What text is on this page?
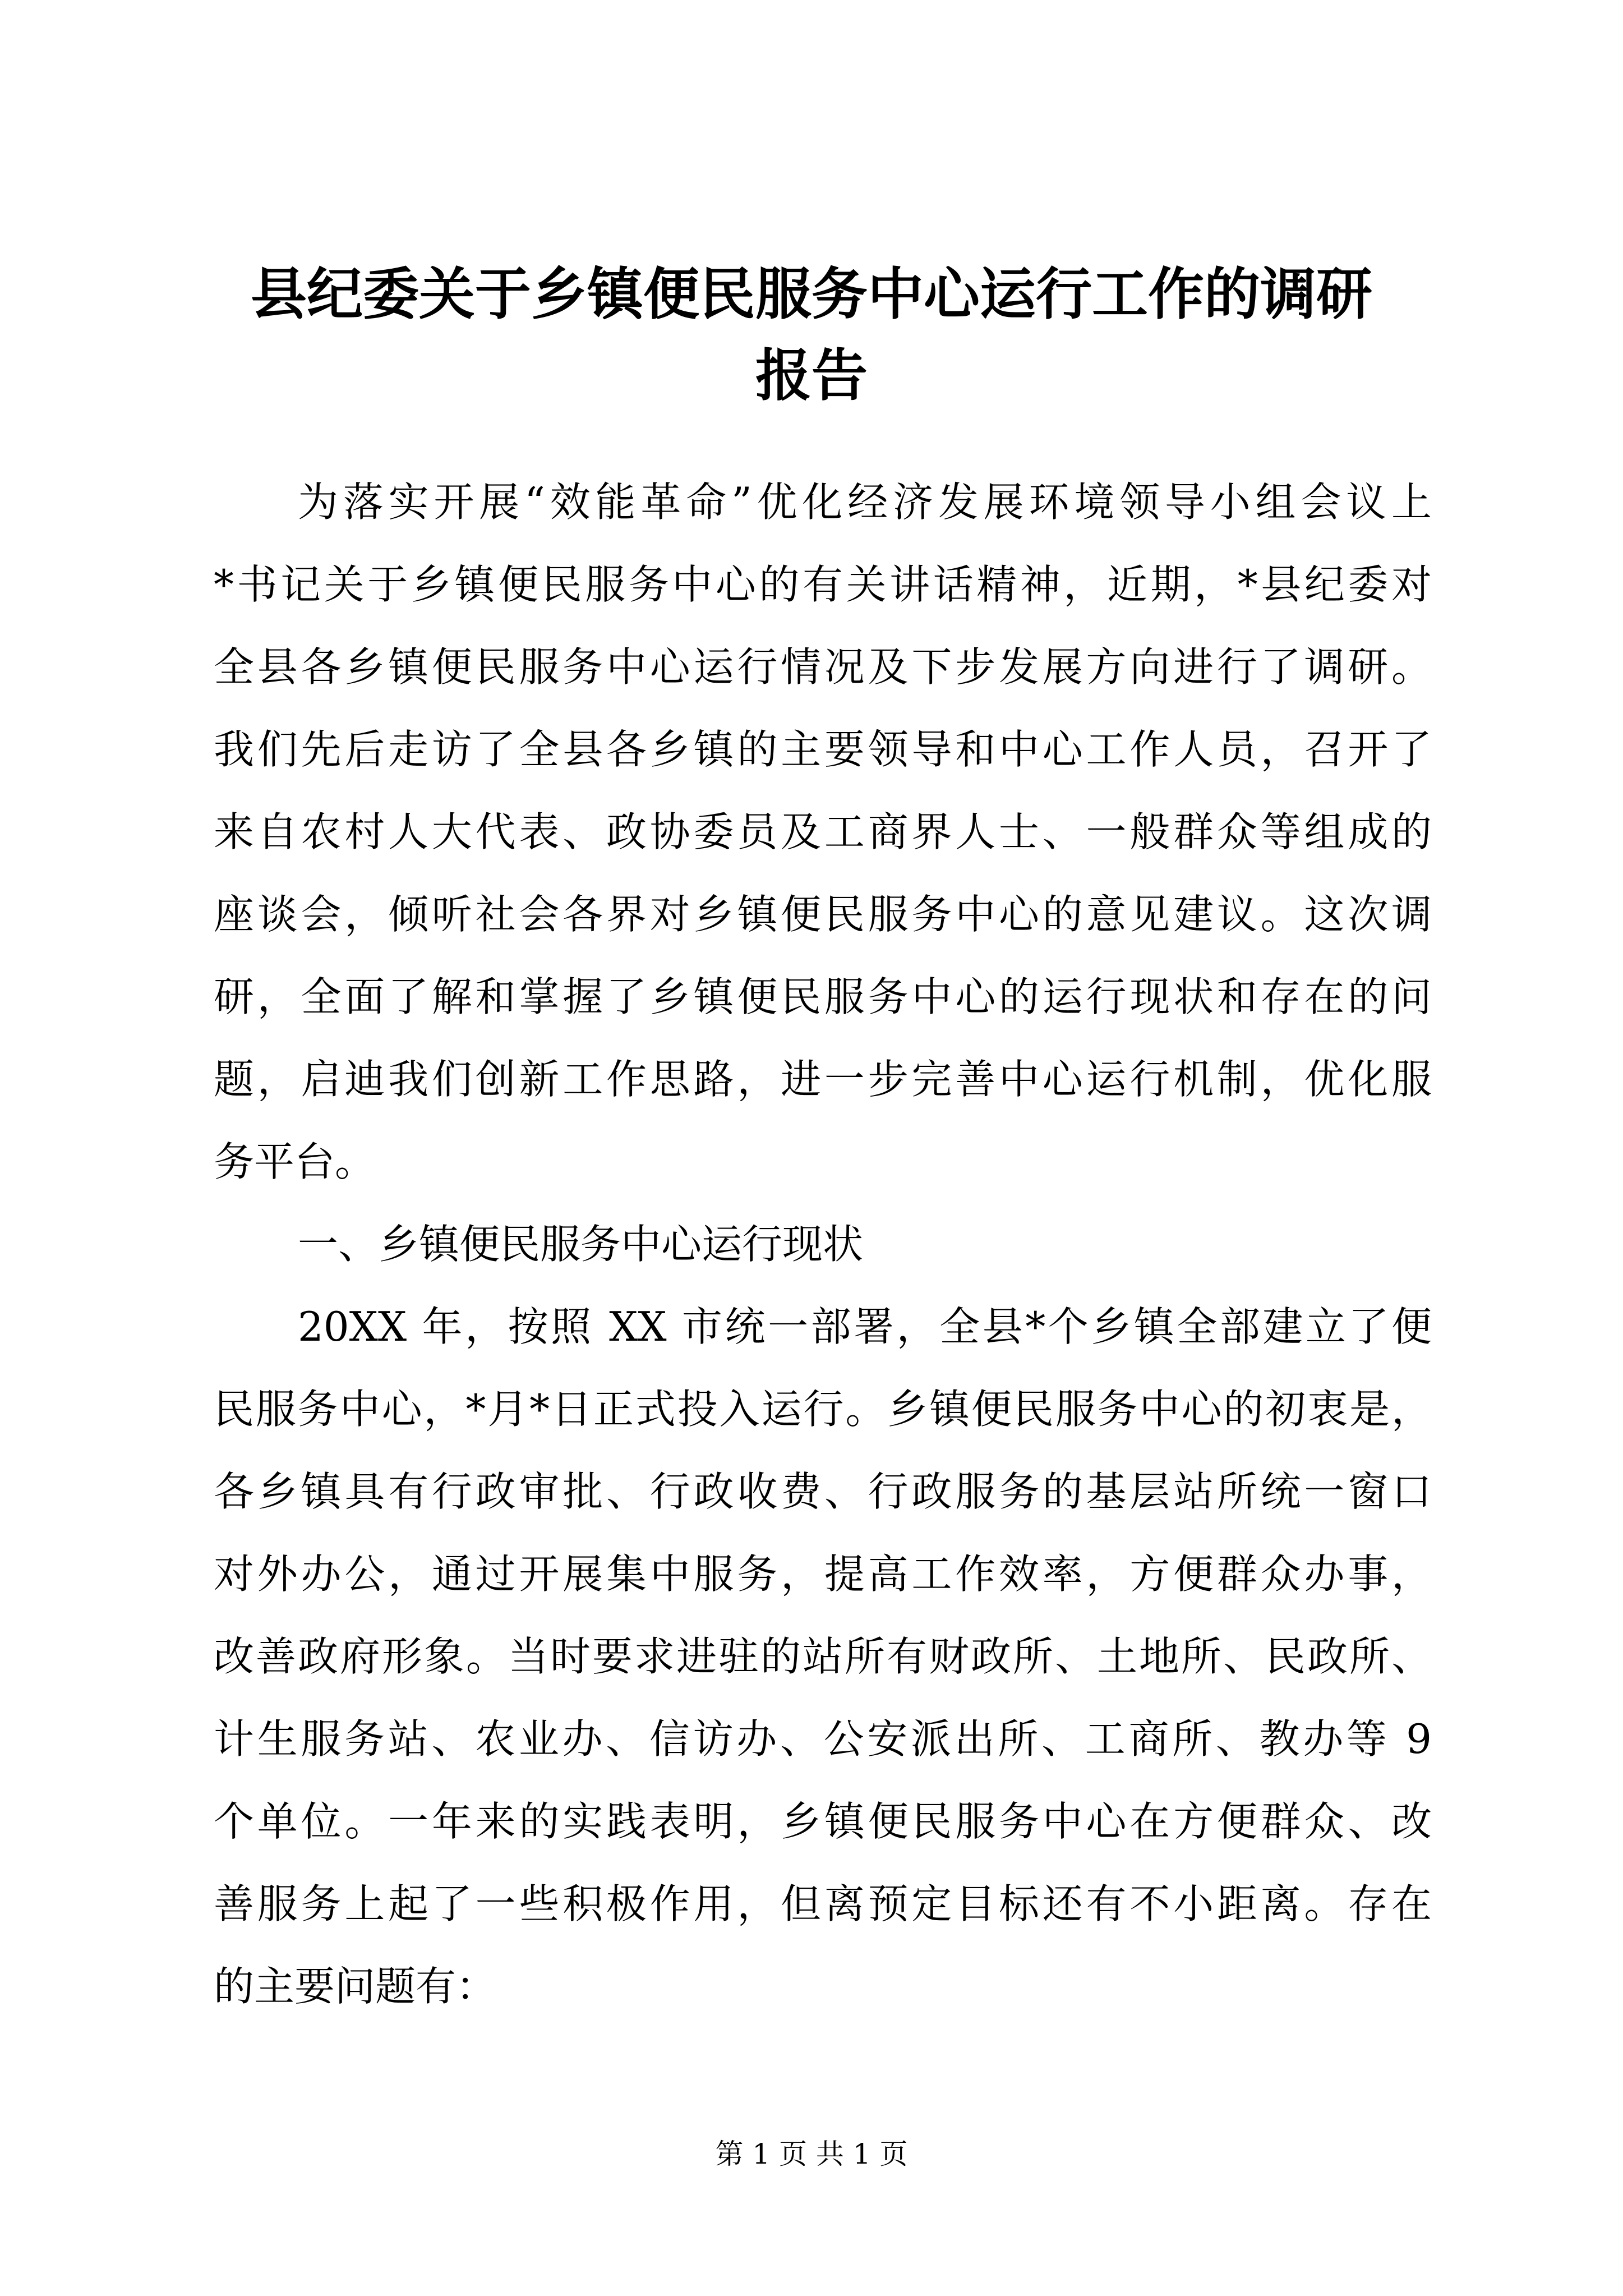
县纪委关于乡镇便民服务中心运行工作的调研
报告
为落实开展“效能革命”优化经济发展环境领导小组会议上
*书记关于乡镇便民服务中心的有关讲话精神，近期，*县纪委对
全县各乡镇便民服务中心运行情况及下步发展方向进行了调研。
我们先后走访了全县各乡镇的主要领导和中心工作人员，召开了
来自农村人大代表、政协委员及工商界人士、一般群众等组成的
座谈会，倾听社会各界对乡镇便民服务中心的意见建议。这次调
研，全面了解和掌握了乡镇便民服务中心的运行现状和存在的问
题，启迪我们创新工作思路，进一步完善中心运行机制，优化服
务平台。
一、乡镇便民服务中心运行现状
20XX 年，按照 XX 市统一部署，全县*个乡镇全部建立了便
民服务中心，*月*日正式投入运行。乡镇便民服务中心的初衷是，
各乡镇具有行政审批、行政收费、行政服务的基层站所统一窗口
对外办公，通过开展集中服务，提高工作效率，方便群众办事，
改善政府形象。当时要求进驻的站所有财政所、土地所、民政所、
计生服务站、农业办、信访办、公安派出所、工商所、教办等 9
个单位。一年来的实践表明，乡镇便民服务中心在方便群众、改
善服务上起了一些积极作用，但离预定目标还有不小距离。存在
的主要问题有：
第 1 页 共 1 页
